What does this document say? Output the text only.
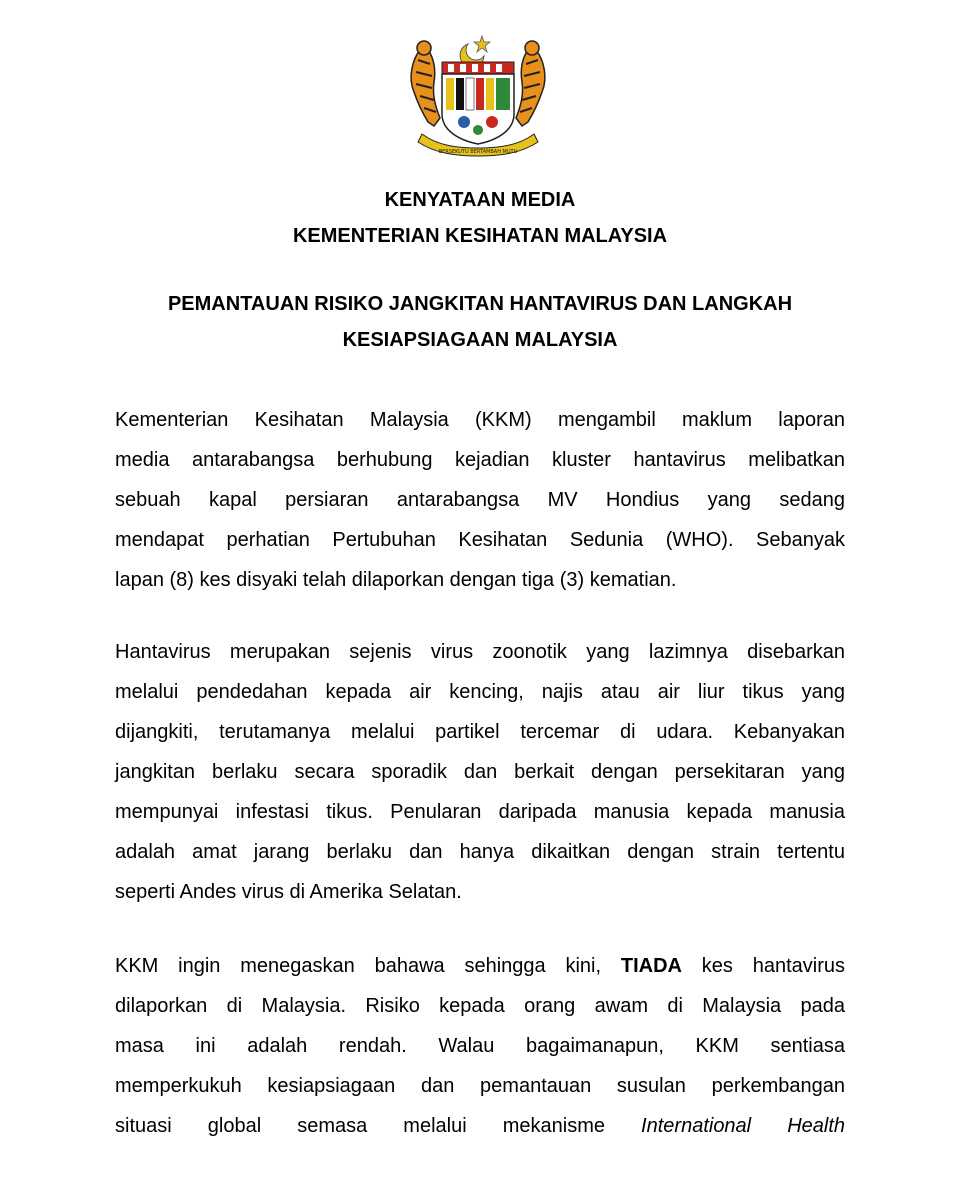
BERSEKUTU BERTAMBAH MUTU
KENYATAAN MEDIA
KEMENTERIAN KESIHATAN MALAYSIA
PEMANTAUAN RISIKO JANGKITAN HANTAVIRUS DAN LANGKAH
KESIAPSIAGAAN MALAYSIA
Kementerian Kesihatan Malaysia (KKM) mengambil maklum laporan
media antarabangsa berhubung kejadian kluster hantavirus melibatkan
sebuah kapal persiaran antarabangsa MV Hondius yang sedang
mendapat perhatian Pertubuhan Kesihatan Sedunia (WHO). Sebanyak
lapan (8) kes disyaki telah dilaporkan dengan tiga (3) kematian.
Hantavirus merupakan sejenis virus zoonotik yang lazimnya disebarkan
melalui pendedahan kepada air kencing, najis atau air liur tikus yang
dijangkiti, terutamanya melalui partikel tercemar di udara. Kebanyakan
jangkitan berlaku secara sporadik dan berkait dengan persekitaran yang
mempunyai infestasi tikus. Penularan daripada manusia kepada manusia
adalah amat jarang berlaku dan hanya dikaitkan dengan strain tertentu
seperti Andes virus di Amerika Selatan.
KKM ingin menegaskan bahawa sehingga kini, TIADA kes hantavirus
dilaporkan di Malaysia. Risiko kepada orang awam di Malaysia pada
masa ini adalah rendah. Walau bagaimanapun, KKM sentiasa
memperkukuh kesiapsiagaan dan pemantauan susulan perkembangan
situasi global semasa melalui mekanisme International Health
